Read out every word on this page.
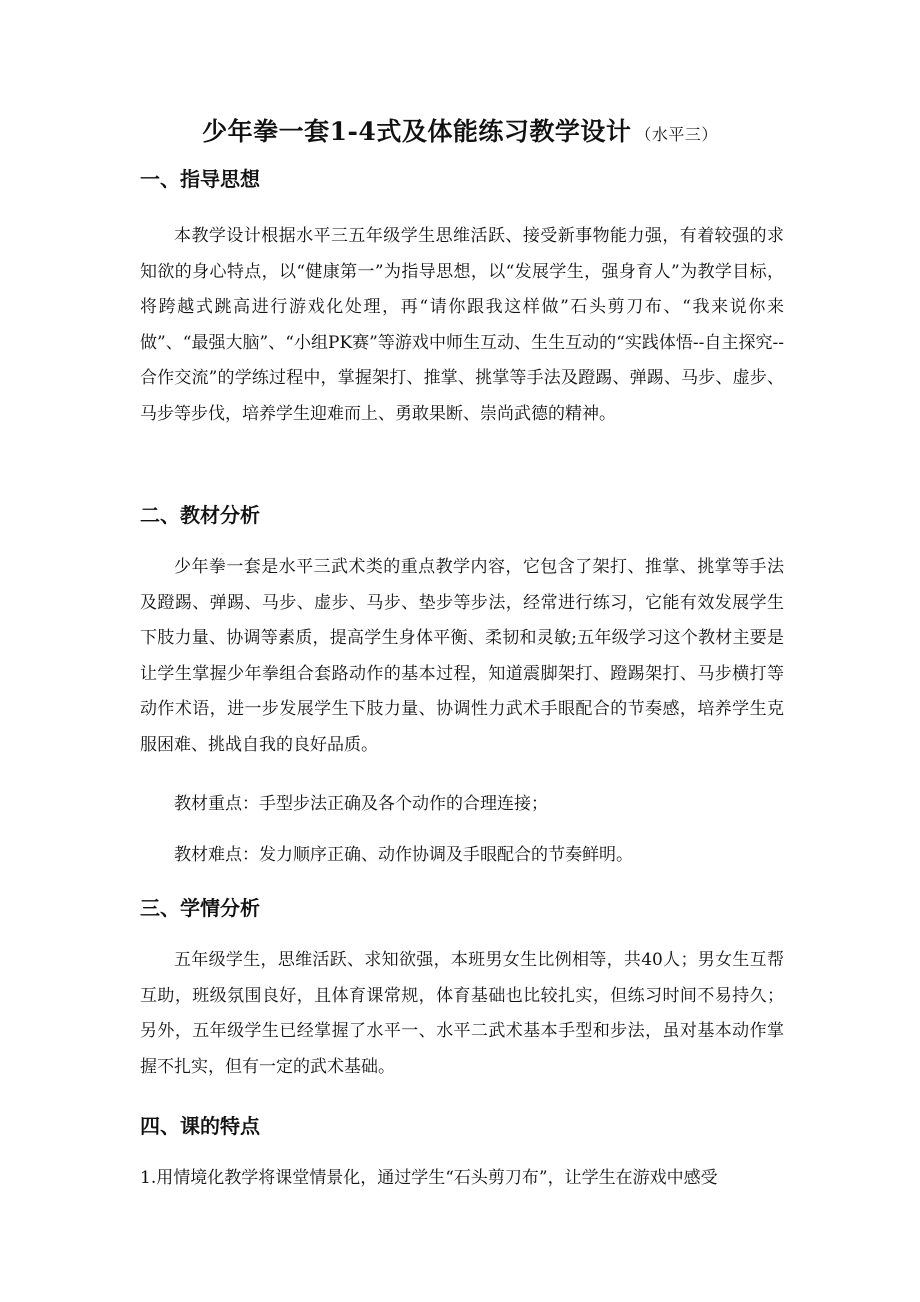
少年拳一套1-4式及体能练习教学设计 （水平三）
一、指导思想
本教学设计根据水平三五年级学生思维活跃、接受新事物能力强，有着较强的求知欲的身心特点，以“健康第一”为指导思想，以“发展学生，强身育人”为教学目标，将跨越式跳高进行游戏化处理，再“请你跟我这样做”石头剪刀布、“我来说你来做”、“最强大脑”、“小组PK赛”等游戏中师生互动、生生互动的“实践体悟--自主探究--合作交流”的学练过程中，掌握架打、推掌、挑掌等手法及蹬踢、弹踢、马步、虚步、马步等步伐，培养学生迎难而上、勇敢果断、崇尚武德的精神。
二、教材分析
少年拳一套是水平三武术类的重点教学内容，它包含了架打、推掌、挑掌等手法及蹬踢、弹踢、马步、虚步、马步、垫步等步法，经常进行练习，它能有效发展学生下肢力量、协调等素质，提高学生身体平衡、柔韧和灵敏;五年级学习这个教材主要是让学生掌握少年拳组合套路动作的基本过程，知道震脚架打、蹬踢架打、马步横打等动作术语，进一步发展学生下肢力量、协调性力武术手眼配合的节奏感，培养学生克服困难、挑战自我的良好品质。
教材重点：手型步法正确及各个动作的合理连接；
教材难点：发力顺序正确、动作协调及手眼配合的节奏鲜明。
三、学情分析
五年级学生，思维活跃、求知欲强，本班男女生比例相等，共40人；男女生互帮互助，班级氛围良好，且体育课常规，体育基础也比较扎实，但练习时间不易持久；另外，五年级学生已经掌握了水平一、水平二武术基本手型和步法，虽对基本动作掌握不扎实，但有一定的武术基础。
四、课的特点
1.用情境化教学将课堂情景化，通过学生“石头剪刀布”，让学生在游戏中感受
